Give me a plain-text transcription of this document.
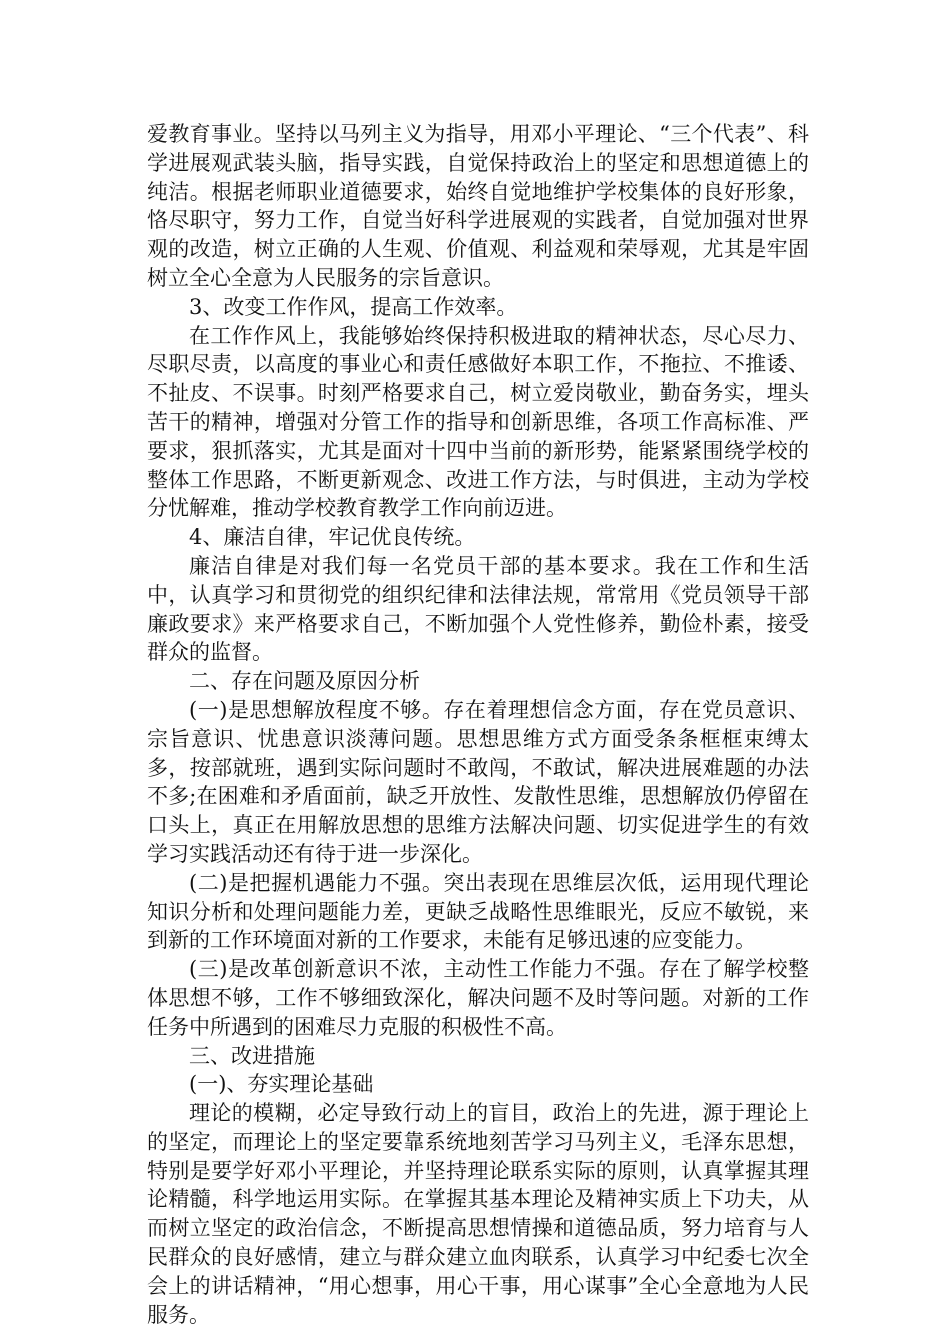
爱教育事业。坚持以马列主义为指导，用邓小平理论、“三个代表”、科学进展观武装头脑，指导实践，自觉保持政治上的坚定和思想道德上的纯洁。根据老师职业道德要求，始终自觉地维护学校集体的良好形象，恪尽职守，努力工作，自觉当好科学进展观的实践者，自觉加强对世界观的改造，树立正确的人生观、价值观、利益观和荣辱观，尤其是牢固树立全心全意为人民服务的宗旨意识。

3、改变工作作风，提高工作效率。

在工作作风上，我能够始终保持积极进取的精神状态，尽心尽力、尽职尽责，以高度的事业心和责任感做好本职工作，不拖拉、不推诿、不扯皮、不误事。时刻严格要求自己，树立爱岗敬业，勤奋务实，埋头苦干的精神，增强对分管工作的指导和创新思维，各项工作高标准、严要求，狠抓落实，尤其是面对十四中当前的新形势，能紧紧围绕学校的整体工作思路，不断更新观念、改进工作方法，与时俱进，主动为学校分忧解难，推动学校教育教学工作向前迈进。

4、廉洁自律，牢记优良传统。

廉洁自律是对我们每一名党员干部的基本要求。我在工作和生活中，认真学习和贯彻党的组织纪律和法律法规，常常用《党员领导干部廉政要求》来严格要求自己，不断加强个人党性修养，勤俭朴素，接受群众的监督。

二、存在问题及原因分析

(一)是思想解放程度不够。存在着理想信念方面，存在党员意识、宗旨意识、忧患意识淡薄问题。思想思维方式方面受条条框框束缚太多，按部就班，遇到实际问题时不敢闯，不敢试，解决进展难题的办法不多;在困难和矛盾面前，缺乏开放性、发散性思维，思想解放仍停留在口头上，真正在用解放思想的思维方法解决问题、切实促进学生的有效学习实践活动还有待于进一步深化。

(二)是把握机遇能力不强。突出表现在思维层次低，运用现代理论知识分析和处理问题能力差，更缺乏战略性思维眼光，反应不敏锐，来到新的工作环境面对新的工作要求，未能有足够迅速的应变能力。

(三)是改革创新意识不浓，主动性工作能力不强。存在了解学校整体思想不够，工作不够细致深化，解决问题不及时等问题。对新的工作任务中所遇到的困难尽力克服的积极性不高。

三、改进措施

(一)、夯实理论基础

理论的模糊，必定导致行动上的盲目，政治上的先进，源于理论上的坚定，而理论上的坚定要靠系统地刻苦学习马列主义，毛泽东思想，特别是要学好邓小平理论，并坚持理论联系实际的原则，认真掌握其理论精髓，科学地运用实际。在掌握其基本理论及精神实质上下功夫，从而树立坚定的政治信念，不断提高思想情操和道德品质，努力培育与人民群众的良好感情，建立与群众建立血肉联系，认真学习中纪委七次全会上的讲话精神，“用心想事，用心干事，用心谋事”全心全意地为人民服务。
